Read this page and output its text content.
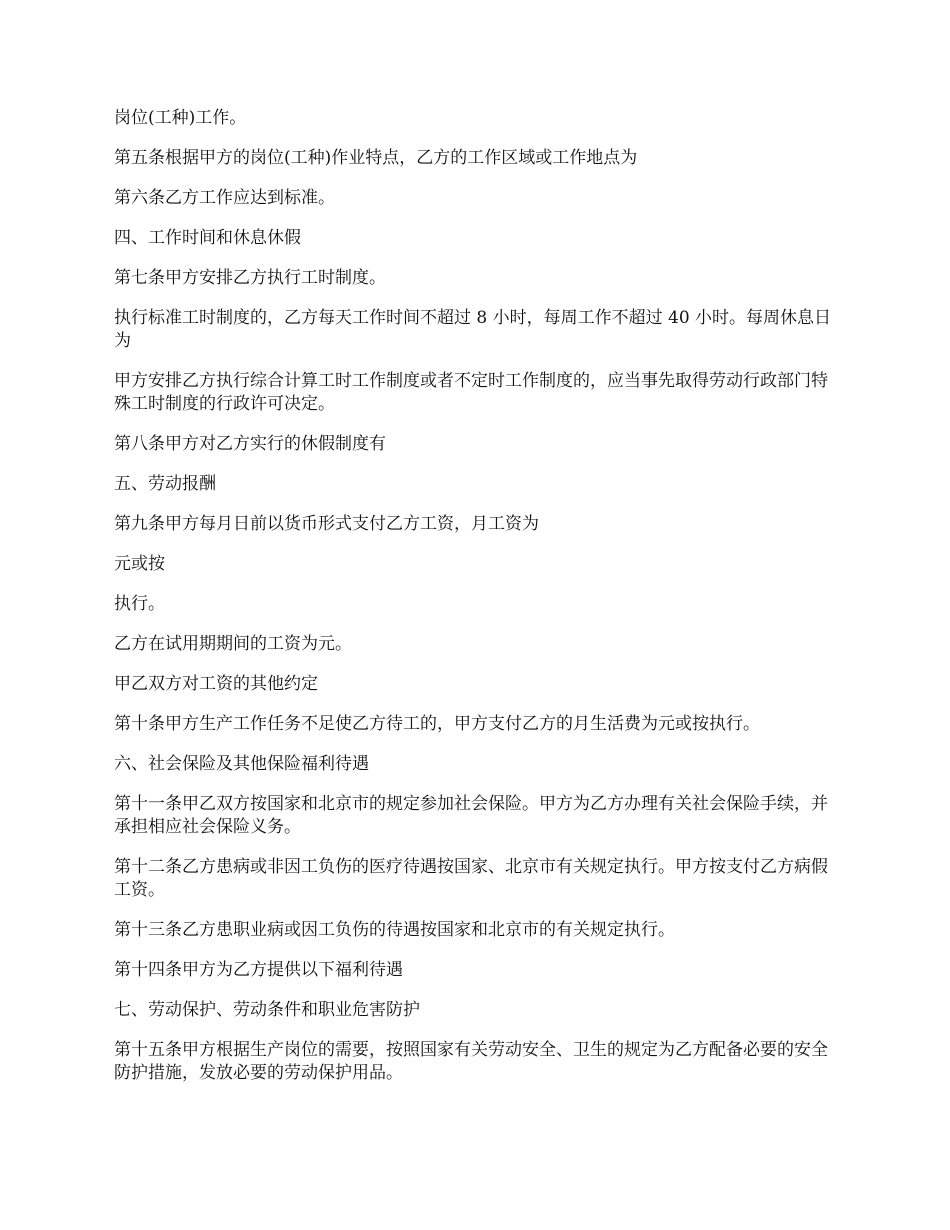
岗位(工种)工作。

第五条根据甲方的岗位(工种)作业特点，乙方的工作区域或工作地点为

第六条乙方工作应达到标准。

四、工作时间和休息休假

第七条甲方安排乙方执行工时制度。

执行标准工时制度的，乙方每天工作时间不超过 8 小时，每周工作不超过 40 小时。每周休息日为

甲方安排乙方执行综合计算工时工作制度或者不定时工作制度的，应当事先取得劳动行政部门特殊工时制度的行政许可决定。

第八条甲方对乙方实行的休假制度有

五、劳动报酬

第九条甲方每月日前以货币形式支付乙方工资，月工资为

元或按

执行。

乙方在试用期期间的工资为元。

甲乙双方对工资的其他约定

第十条甲方生产工作任务不足使乙方待工的，甲方支付乙方的月生活费为元或按执行。

六、社会保险及其他保险福利待遇

第十一条甲乙双方按国家和北京市的规定参加社会保险。甲方为乙方办理有关社会保险手续，并承担相应社会保险义务。

第十二条乙方患病或非因工负伤的医疗待遇按国家、北京市有关规定执行。甲方按支付乙方病假工资。

第十三条乙方患职业病或因工负伤的待遇按国家和北京市的有关规定执行。

第十四条甲方为乙方提供以下福利待遇

七、劳动保护、劳动条件和职业危害防护

第十五条甲方根据生产岗位的需要，按照国家有关劳动安全、卫生的规定为乙方配备必要的安全防护措施，发放必要的劳动保护用品。
